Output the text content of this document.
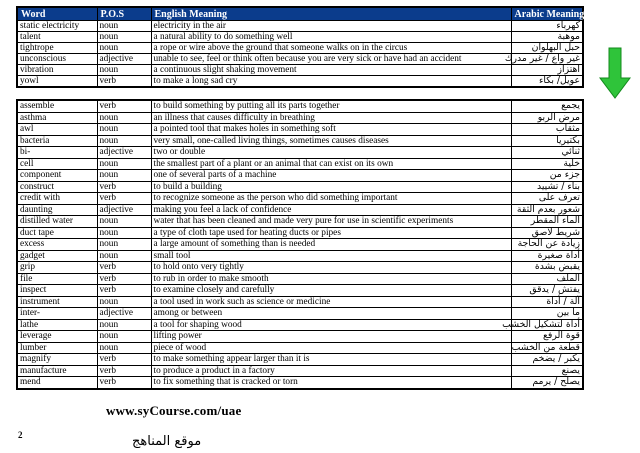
Word	P.O.S	English Meaning	Arabic Meaning
static electricity	noun	electricity in the air	كهرباء
talent	noun	a natural ability to do something well	موهبة
tightrope	noun	a rope or wire above the ground that someone walks on in the circus	حبل البهلوان
unconscious	adjective	unable to see, feel or think often because you are very sick or have had an accident	غير واع / غير مدرك
vibration	noun	a continuous slight shaking movement	اهتزاز
yowl	verb	to make a long sad cry	عويل/ بكاء
assemble	verb	to build something by putting all its parts together	يجمع
asthma	noun	an illness that causes difficulty in breathing	مرض الربو
awl	noun	a pointed tool that makes holes in something soft	مثقاب
bacteria	noun	very small, one-called living things, sometimes causes diseases	بكتيريا
bi-	adjective	two or double	ثنائي
cell	noun	the smallest part of a plant or an animal that can exist on its own	خلية
component	noun	one of several parts of a machine	جزء من
construct	verb	to build a building	بناء / تشييد
credit with	verb	to recognize someone as the person who did something important	تعرف على
daunting	adjective	making you feel a lack of confidence	شعور بعدم الثقة
distilled water	noun	water that has been cleaned and made very pure for use in scientific experiments	الماء المقطر
duct tape	noun	a type of cloth tape used for heating ducts or pipes	شريط لاصق
excess	noun	a large amount of something than is needed	زيادة عن الحاجة
gadget	noun	small tool	أداة صغيرة
grip	verb	to hold onto very tightly	يقبض بشدة
file	verb	to rub in order to make smooth	الملف
inspect	verb	to examine closely and carefully	يفتش / يدقق
instrument	noun	a tool used in work such as science or medicine	آلة / أداة
inter-	adjective	among or between	ما بين
lathe	noun	a tool for shaping wood	أداة لتشكيل الخشب
leverage	noun	lifting power	قوة الرفع
lumber	noun	piece of wood	قطعة من الخشب
magnify	verb	to make something appear larger than it is	يكبر / يضخم
manufacture	verb	to produce a product in a factory	يصنع
mend	verb	to fix something that is cracked or torn	يصلح / يرمم
www.syCourse.com/uae
2	موقع المناهج
